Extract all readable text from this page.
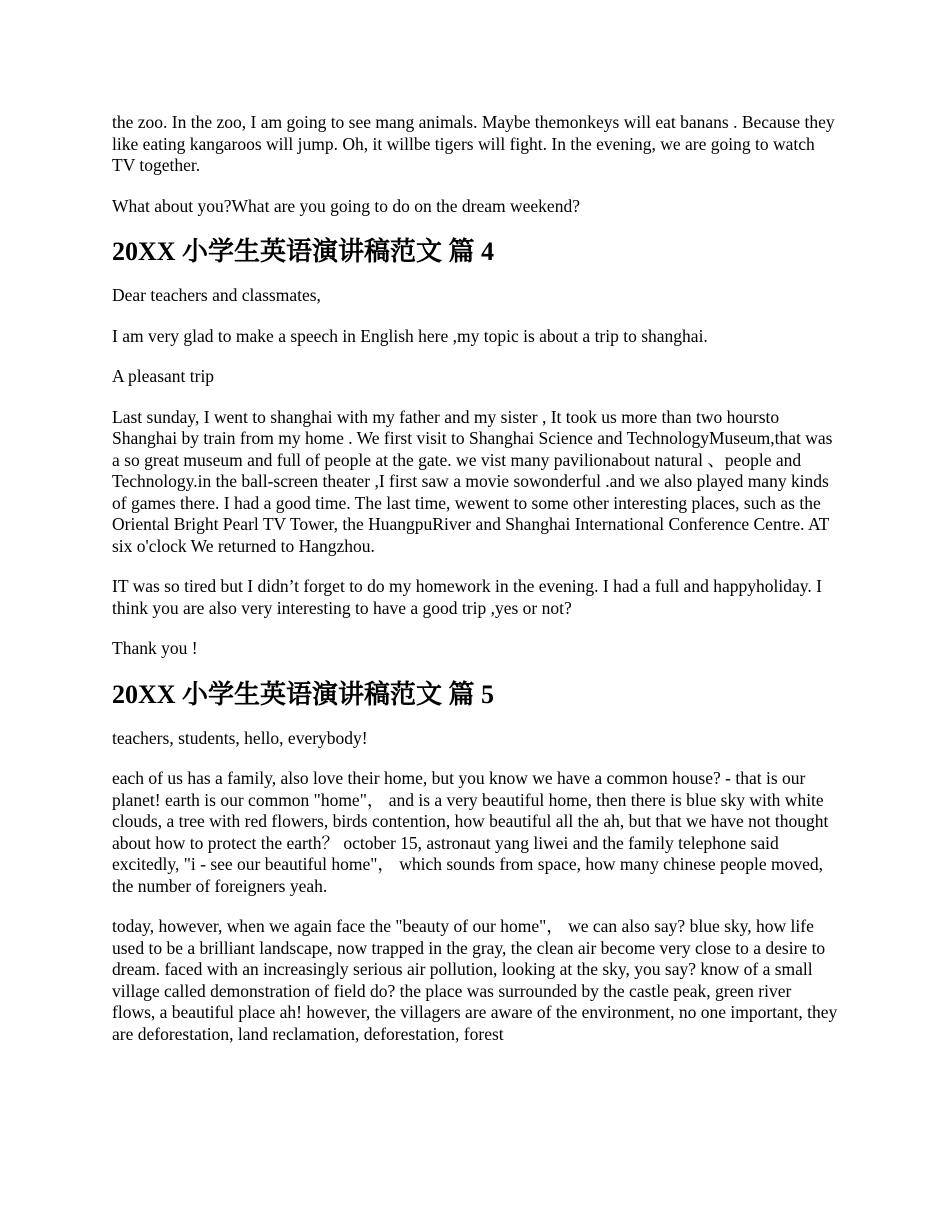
the zoo. In the zoo, I am going to see mang animals. Maybe themonkeys will eat banans . Because they like eating kangaroos will jump. Oh, it willbe tigers will fight. In the evening, we are going to watch TV together.

What about you?What are you going to do on the dream weekend?

20XX 小学生英语演讲稿范文 篇 4

Dear teachers and classmates,

I am very glad to make a speech in English here ,my topic is about a trip to shanghai.

A pleasant trip

Last sunday, I went to shanghai with my father and my sister , It took us more than two hoursto Shanghai by train from my home . We first visit to Shanghai Science and TechnologyMuseum,that was a so great museum and full of people at the gate. we vist many pavilionabout natural 、people and Technology.in the ball-screen theater ,I first saw a movie sowonderful .and we also played many kinds of games there. I had a good time. The last time, wewent to some other interesting places, such as the Oriental Bright Pearl TV Tower, the HuangpuRiver and Shanghai International Conference Centre. AT six o'clock We returned to Hangzhou.

IT was so tired but I didn’t forget to do my homework in the evening. I had a full and happyholiday. I think you are also very interesting to have a good trip ,yes or not?

Thank you !

20XX 小学生英语演讲稿范文 篇 5

teachers, students, hello, everybody!

each of us has a family, also love their home, but you know we have a common house? - that is our planet! earth is our common "home"， and is a very beautiful home, then there is blue sky with white clouds, a tree with red flowers, birds contention, how beautiful all the ah, but that we have not thought about how to protect the earth？ october 15, astronaut yang liwei and the family telephone said excitedly, "i - see our beautiful home"， which sounds from space, how many chinese people moved, the number of foreigners yeah.

today, however, when we again face the "beauty of our home"， we can also say? blue sky, how life used to be a brilliant landscape, now trapped in the gray, the clean air become very close to a desire to dream. faced with an increasingly serious air pollution, looking at the sky, you say? know of a small village called demonstration of field do? the place was surrounded by the castle peak, green river flows, a beautiful place ah! however, the villagers are aware of the environment, no one important, they are deforestation, land reclamation, deforestation, forest
